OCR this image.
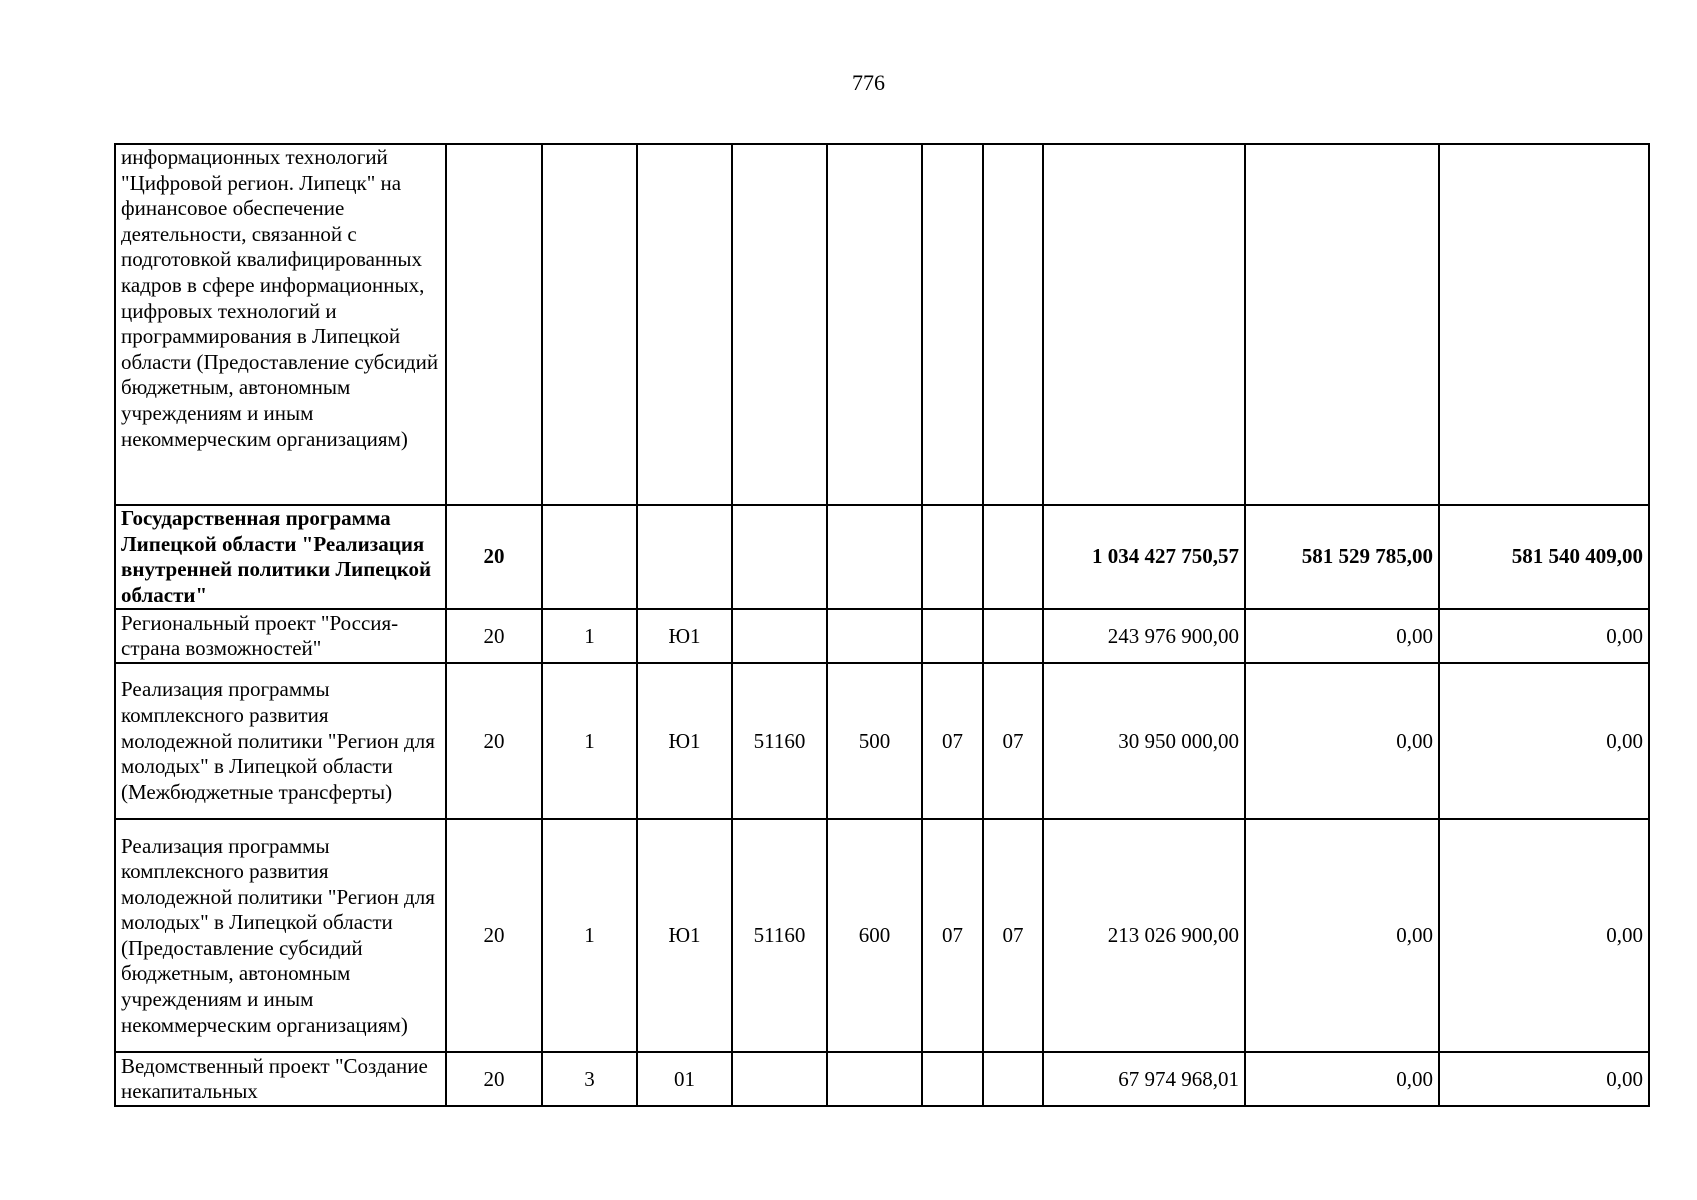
776
информационных технологий "Цифровой регион. Липецк" на финансовое обеспечение деятельности, связанной с подготовкой квалифицированных кадров в сфере информационных, цифровых технологий и программирования в Липецкой области (Предоставление субсидий бюджетным, автономным учреждениям и иным некоммерческим организациям)										
Государственная программа Липецкой области "Реализация внутренней политики Липецкой области"	20							1 034 427 750,57	581 529 785,00	581 540 409,00
Региональный проект "Россия-страна возможностей"	20	1	Ю1					243 976 900,00	0,00	0,00
Реализация программы комплексного развития молодежной политики "Регион для молодых" в Липецкой области (Межбюджетные трансферты)	20	1	Ю1	51160	500	07	07	30 950 000,00	0,00	0,00
Реализация программы комплексного развития молодежной политики "Регион для молодых" в Липецкой области (Предоставление субсидий бюджетным, автономным учреждениям и иным некоммерческим организациям)	20	1	Ю1	51160	600	07	07	213 026 900,00	0,00	0,00
Ведомственный проект "Создание некапитальных	20	3	01					67 974 968,01	0,00	0,00
